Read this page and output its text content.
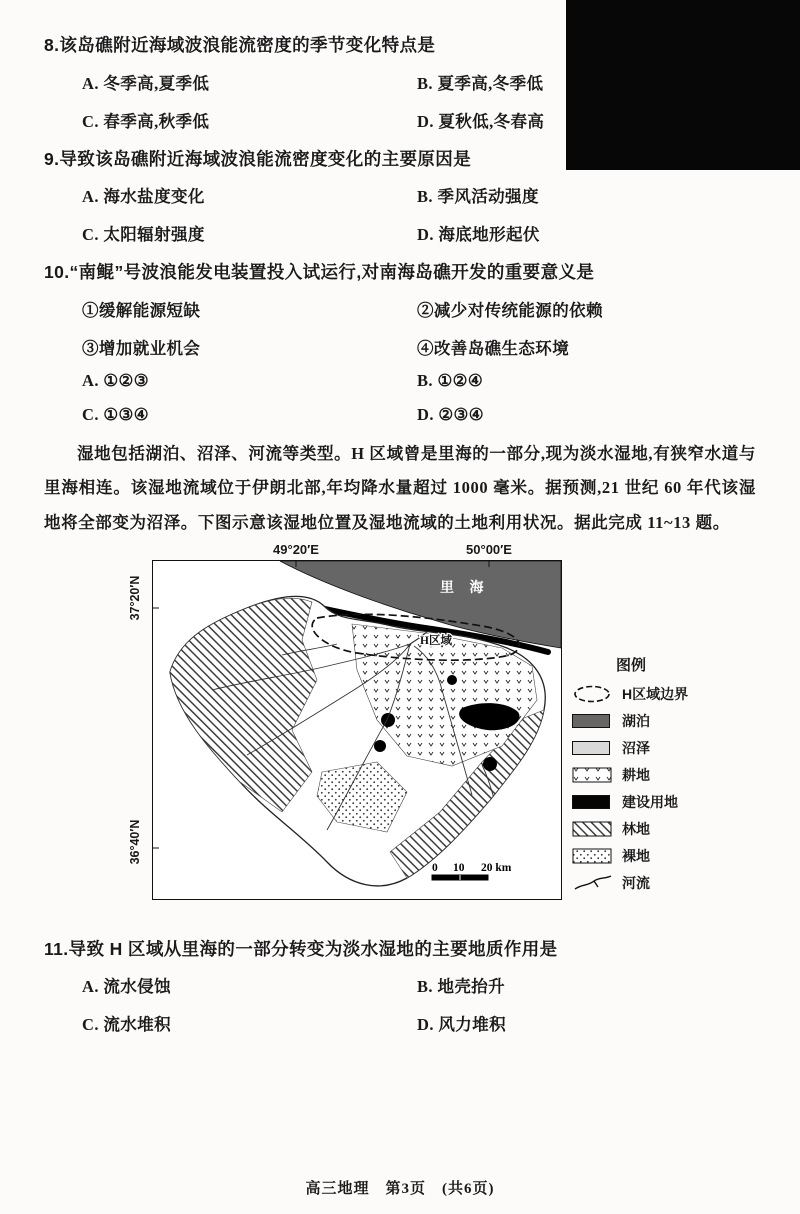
8.该岛礁附近海域波浪能流密度的季节变化特点是
A. 冬季高,夏季低	B. 夏季高,冬季低
C. 春季高,秋季低	D. 夏秋低,冬春高
9.导致该岛礁附近海域波浪能流密度变化的主要原因是
A. 海水盐度变化	B. 季风活动强度
C. 太阳辐射强度	D. 海底地形起伏
10.“南鲲”号波浪能发电装置投入试运行,对南海岛礁开发的重要意义是
①缓解能源短缺	②减少对传统能源的依赖
③增加就业机会	④改善岛礁生态环境
A. ①②③	B. ①②④
C. ①③④	D. ②③④
湿地包括湖泊、沼泽、河流等类型。H 区域曾是里海的一部分,现为淡水湿地,有狭窄水道与里海相连。该湿地流域位于伊朗北部,年均降水量超过 1000 毫米。据预测,21 世纪 60 年代该湿地将全部变为沼泽。下图示意该湿地位置及湿地流域的土地利用状况。据此完成 11~13 题。
49°20′E	50°00′E
37°20′N
36°40′N
里 海
H区域
0 10 20 km
图例
H区域边界
湖泊
沼泽
耕地
建设用地
林地
裸地
河流
11.导致 H 区域从里海的一部分转变为淡水湿地的主要地质作用是
A. 流水侵蚀	B. 地壳抬升
C. 流水堆积	D. 风力堆积
高三地理　第3页　(共6页)
